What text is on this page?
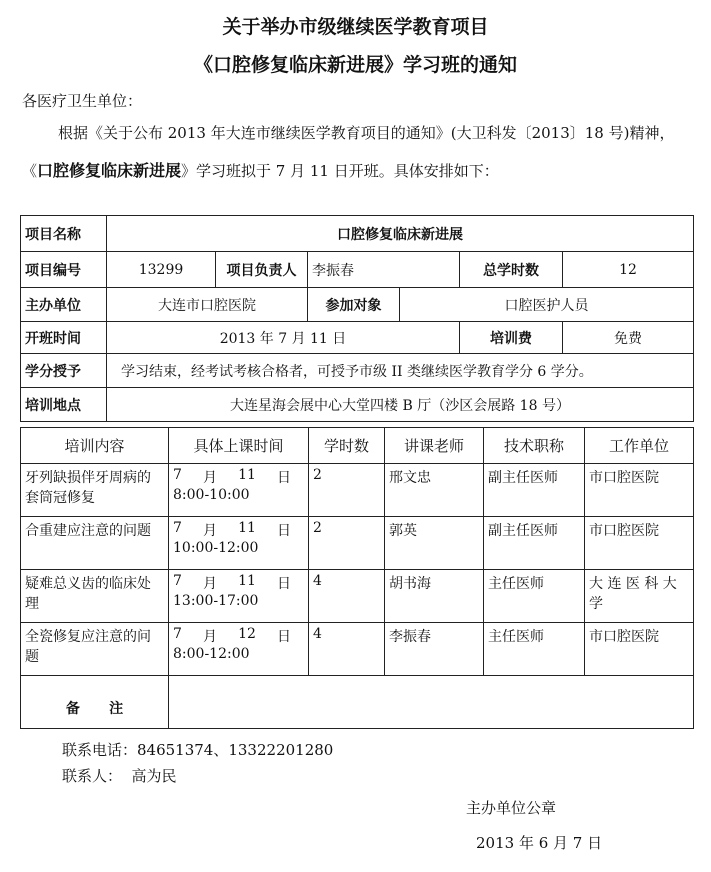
关于举办市级继续医学教育项目
《口腔修复临床新进展》学习班的通知
各医疗卫生单位：
根据《关于公布 2013 年大连市继续医学教育项目的通知》(大卫科发〔2013〕18 号)精神，
《口腔修复临床新进展》学习班拟于 7 月 11 日开班。具体安排如下：
项目名称	口腔修复临床新进展					
项目编号	13299	项目负责人	李振春		总学时数	12
主办单位	大连市口腔医院		参加对象	口腔医护人员		
开班时间	2013 年 7 月 11 日				培训费	免费
学分授予	学习结束，经考试考核合格者，可授予市级 II 类继续医学教育学分 6 学分。					
培训地点	大连星海会展中心大堂四楼 B 厅（沙区会展路 18 号）					
培训内容	具体上课时间	学时数	讲课老师	技术职称	工作单位

牙列缺损伴牙周病的
套筒冠修复	7 月 11 日
8:00-10:00	2	邢文忠	副主任医师	市口腔医院

合重建应注意的问题	7 月 11 日
10:00-12:00	2	郭英	副主任医师	市口腔医院

疑难总义齿的临床处
理	7 月 11 日
13:00-17:00	4	胡书海	主任医师	大 连 医 科 大
学

全瓷修复应注意的问
题	7 月 12 日
8:00-12:00	4	李振春	主任医师	市口腔医院

备      注					
联系电话：84651374、13322201280
联系人：  高为民
主办单位公章
2013 年 6 月 7 日
